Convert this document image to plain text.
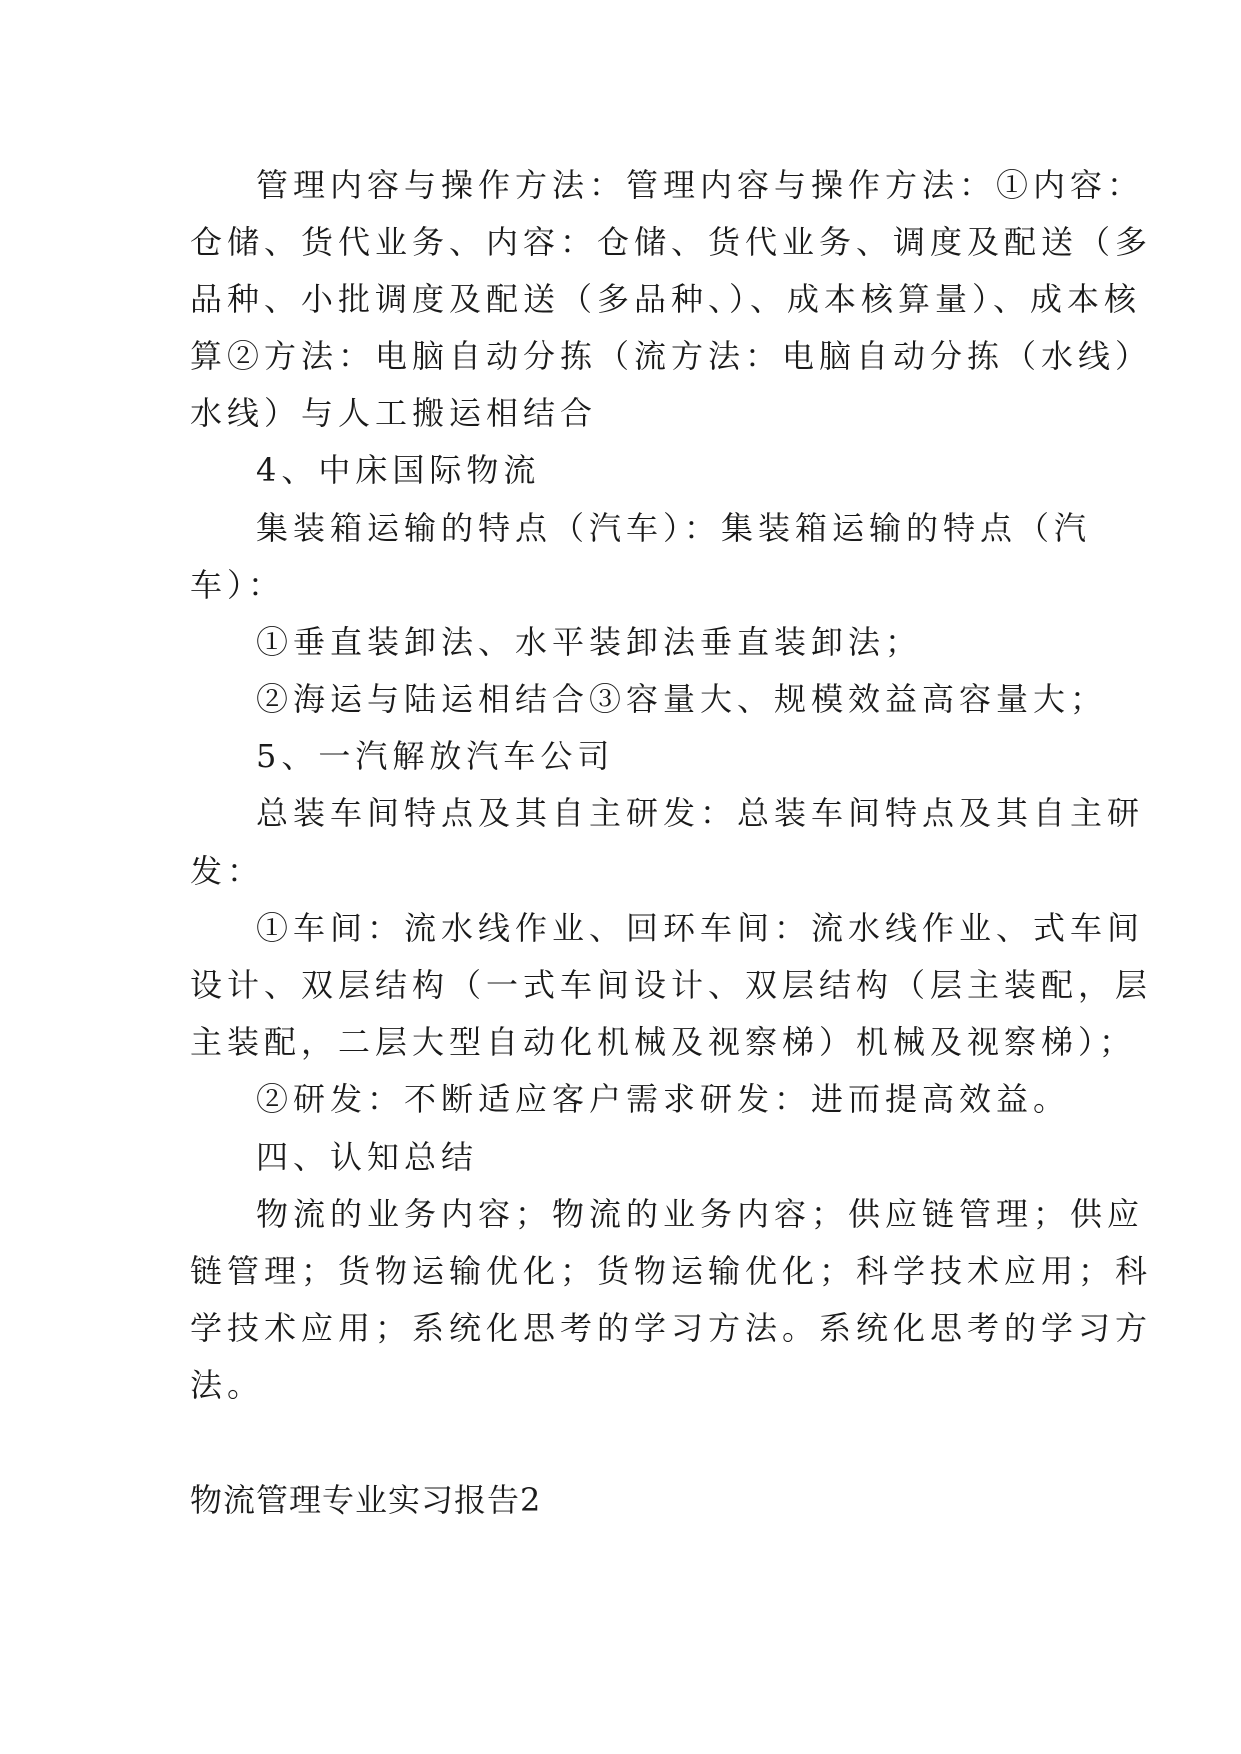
管理内容与操作方法：管理内容与操作方法：①内容：
仓储、货代业务、内容：仓储、货代业务、调度及配送（多
品种、小批调度及配送（多品种、）、成本核算量）、成本核
算②方法：电脑自动分拣（流方法：电脑自动分拣（水线）
水线）与人工搬运相结合
4、中床国际物流
集装箱运输的特点（汽车）：集装箱运输的特点（汽
车）：
①垂直装卸法、水平装卸法垂直装卸法；
②海运与陆运相结合③容量大、规模效益高容量大；
5、一汽解放汽车公司
总装车间特点及其自主研发：总装车间特点及其自主研
发：
①车间：流水线作业、回环车间：流水线作业、式车间
设计、双层结构（一式车间设计、双层结构（层主装配，层
主装配，二层大型自动化机械及视察梯）机械及视察梯）；
②研发：不断适应客户需求研发：进而提高效益。
四、认知总结
物流的业务内容；物流的业务内容；供应链管理；供应
链管理；货物运输优化；货物运输优化；科学技术应用；科
学技术应用；系统化思考的学习方法。系统化思考的学习方
法。
物流管理专业实习报告2
